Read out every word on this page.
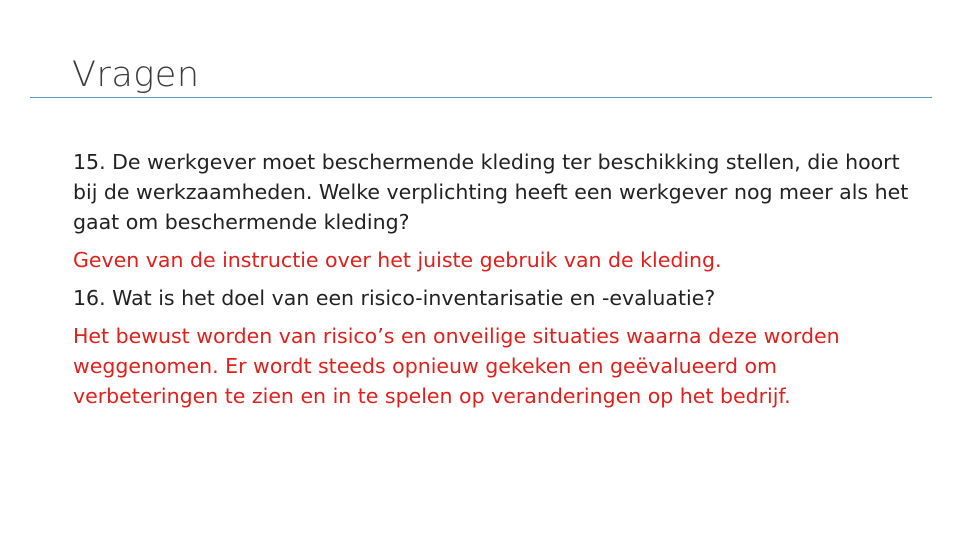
Vragen

15. De werkgever moet beschermende kleding ter beschikking stellen, die hoort bij de werkzaamheden. Welke verplichting heeft een werkgever nog meer als het gaat om beschermende kleding?

Geven van de instructie over het juiste gebruik van de kleding.

16. Wat is het doel van een risico-inventarisatie en -evaluatie?

Het bewust worden van risico’s en onveilige situaties waarna deze worden weggenomen. Er wordt steeds opnieuw gekeken en geëvalueerd om verbeteringen te zien en in te spelen op veranderingen op het bedrijf.
